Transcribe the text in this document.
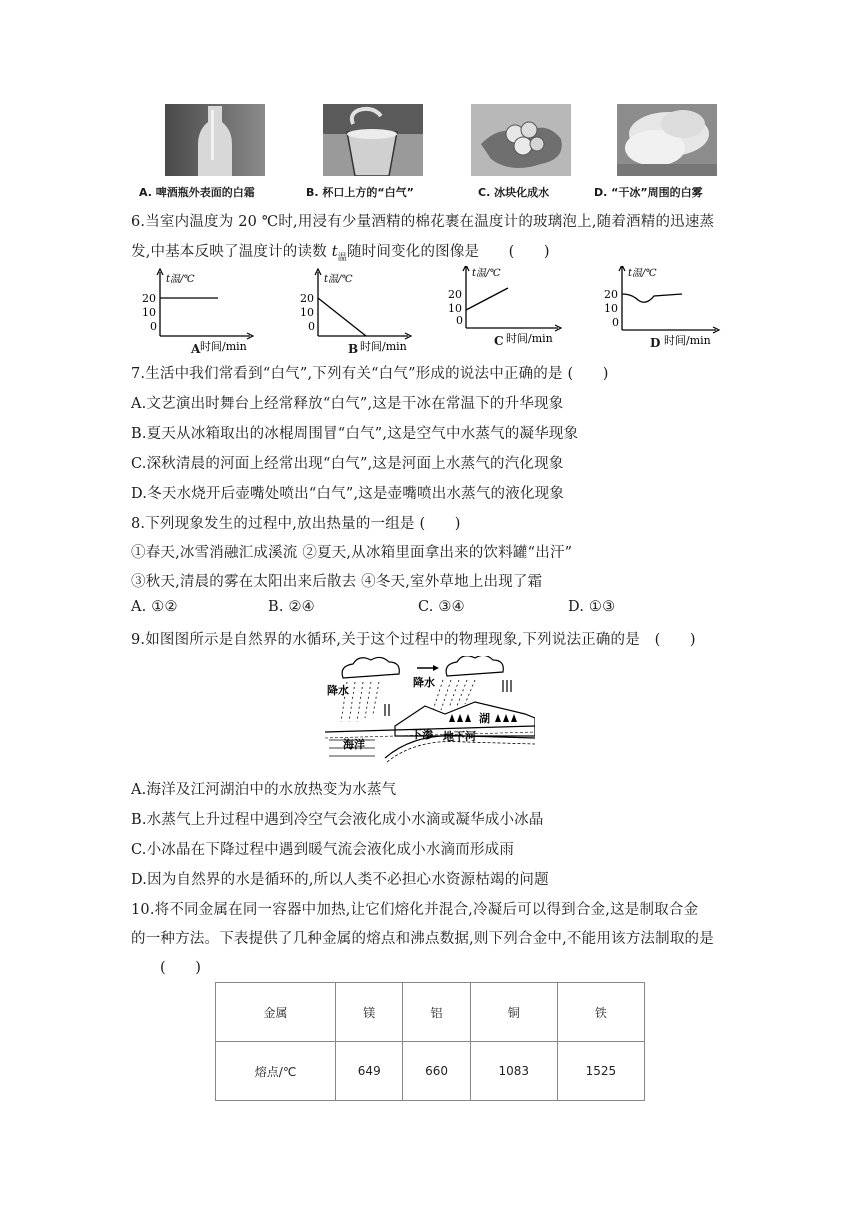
A. 啤酒瓶外表面的白霜	B. 杯口上方的“白气”	C. 冰块化成水	D. “干冰”周围的白雾
6.当室内温度为 20 ℃时,用浸有少量酒精的棉花裹在温度计的玻璃泡上,随着酒精的迅速蒸
发,中基本反映了温度计的读数 $t_温$随时间变化的图像是　　(　　)
t温/℃
20
10
0
时间/min
A
t温/℃
20
10
0
时间/min
B
t温/℃
20
10
0
时间/min
C
t温/℃
20
10
0
时间/min
D
7.生活中我们常看到“白气”,下列有关“白气”形成的说法中正确的是 (　　)
A.文艺演出时舞台上经常释放“白气”,这是干冰在常温下的升华现象
B.夏天从冰箱取出的冰棍周围冒“白气”,这是空气中水蒸气的凝华现象
C.深秋清晨的河面上经常出现“白气”,这是河面上水蒸气的汽化现象
D.冬天水烧开后壶嘴处喷出“白气”,这是壶嘴喷出水蒸气的液化现象
8.下列现象发生的过程中,放出热量的一组是 (　　)
①春天,冰雪消融汇成溪流 ②夏天,从冰箱里面拿出来的饮料罐“出汗”
③秋天,清晨的雾在太阳出来后散去 ④冬天,室外草地上出现了霜
A. ①②	B. ②④	C. ③④	D. ①③
9.如图图所示是自然界的水循环,关于这个过程中的物理现象,下列说法正确的是　(　　)
降水
降水
湖
海洋
下渗 地下河
A.海洋及江河湖泊中的水放热变为水蒸气
B.水蒸气上升过程中遇到冷空气会液化成小水滴或凝华成小冰晶
C.小冰晶在下降过程中遇到暖气流会液化成小水滴而形成雨
D.因为自然界的水是循环的,所以人类不必担心水资源枯竭的问题
10.将不同金属在同一容器中加热,让它们熔化并混合,冷凝后可以得到合金,这是制取合金
的一种方法。下表提供了几种金属的熔点和沸点数据,则下列合金中,不能用该方法制取的是
(　　)
金属	镁	铝	铜	铁
熔点/℃	649	660	1083	1525
